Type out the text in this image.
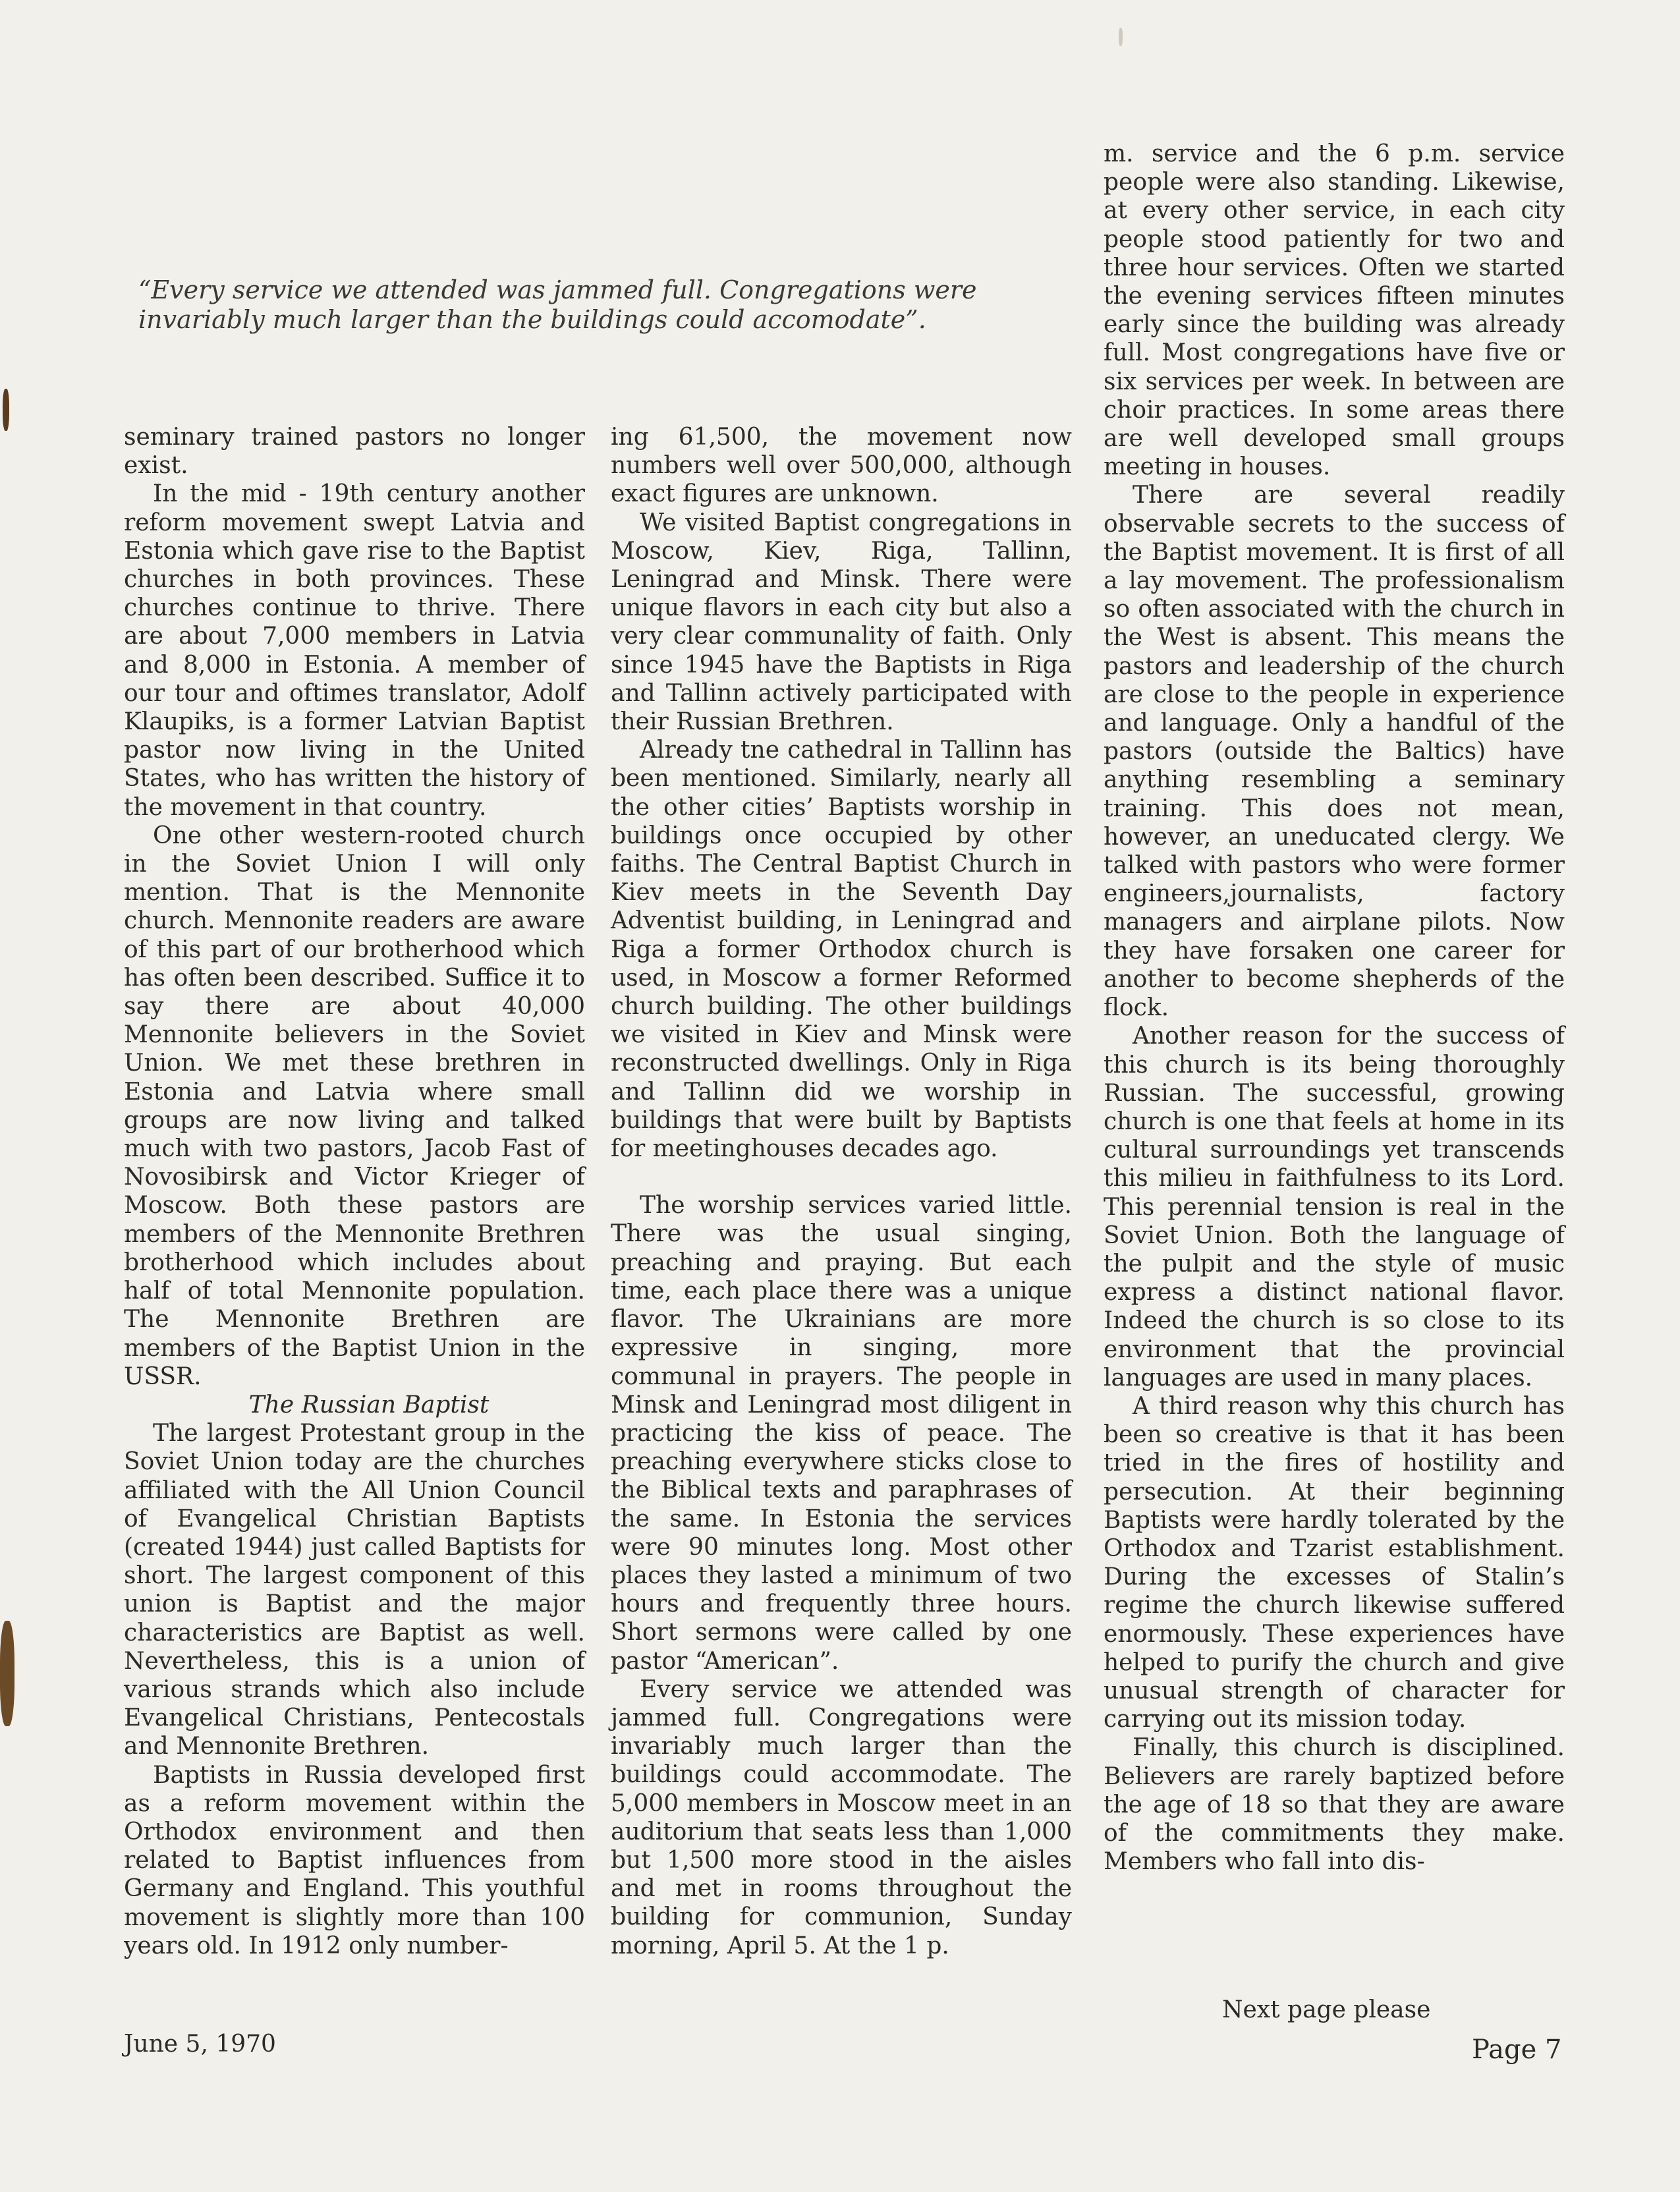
“Every service we attended was jammed full. Congregations were invariably much larger than the buildings could accomodate”.

seminary trained pastors no longer exist.

In the mid - 19th century another reform movement swept Latvia and Estonia which gave rise to the Baptist churches in both provinces. These churches continue to thrive. There are about 7,000 members in Latvia and 8,000 in Estonia. A member of our tour and oftimes translator, Adolf Klaupiks, is a former Latvian Baptist pastor now living in the United States, who has written the history of the movement in that country.

One other western-rooted church in the Soviet Union I will only mention. That is the Mennonite church. Mennonite readers are aware of this part of our brotherhood which has often been described. Suffice it to say there are about 40,000 Mennonite believers in the Soviet Union. We met these brethren in Estonia and Latvia where small groups are now living and talked much with two pastors, Jacob Fast of Novosibirsk and Victor Krieger of Moscow. Both these pastors are members of the Mennonite Brethren brotherhood which includes about half of total Mennonite population. The Mennonite Brethren are members of the Baptist Union in the USSR.

The Russian Baptist

The largest Protestant group in the Soviet Union today are the churches affiliated with the All Union Council of Evangelical Christian Baptists (created 1944) just called Baptists for short. The largest component of this union is Baptist and the major characteristics are Baptist as well. Nevertheless, this is a union of various strands which also include Evangelical Christians, Pentecostals and Mennonite Brethren.

Baptists in Russia developed first as a reform movement within the Orthodox environment and then related to Baptist influences from Germany and England. This youthful movement is slightly more than 100 years old. In 1912 only number-

ing 61,500, the movement now numbers well over 500,000, although exact figures are unknown.

We visited Baptist congregations in Moscow, Kiev, Riga, Tallinn, Leningrad and Minsk. There were unique flavors in each city but also a very clear communality of faith. Only since 1945 have the Baptists in Riga and Tallinn actively participated with their Russian Brethren.

Already tne cathedral in Tallinn has been mentioned. Similarly, nearly all the other cities’ Baptists worship in buildings once occupied by other faiths. The Central Baptist Church in Kiev meets in the Seventh Day Adventist building, in Leningrad and Riga a former Orthodox church is used, in Moscow a former Reformed church building. The other buildings we visited in Kiev and Minsk were reconstructed dwellings. Only in Riga and Tallinn did we worship in buildings that were built by Baptists for meetinghouses decades ago.

The worship services varied little. There was the usual singing, preaching and praying. But each time, each place there was a unique flavor. The Ukrainians are more expressive in singing, more communal in prayers. The people in Minsk and Leningrad most diligent in practicing the kiss of peace. The preaching everywhere sticks close to the Biblical texts and paraphrases of the same. In Estonia the services were 90 minutes long. Most other places they lasted a minimum of two hours and frequently three hours. Short sermons were called by one pastor “American”.

Every service we attended was jammed full. Congregations were invariably much larger than the buildings could accommodate. The 5,000 members in Moscow meet in an auditorium that seats less than 1,000 but 1,500 more stood in the aisles and met in rooms throughout the building for communion, Sunday morning, April 5. At the 1 p.

m. service and the 6 p.m. service people were also standing. Likewise, at every other service, in each city people stood patiently for two and three hour services. Often we started the evening services fifteen minutes early since the building was already full. Most congregations have five or six services per week. In between are choir practices. In some areas there are well developed small groups meeting in houses.

There are several readily observable secrets to the success of the Baptist movement. It is first of all a lay movement. The professionalism so often associated with the church in the West is absent. This means the pastors and leadership of the church are close to the people in experience and language. Only a handful of the pastors (outside the Baltics) have anything resembling a seminary training. This does not mean, however, an uneducated clergy. We talked with pastors who were former engineers,journalists, factory managers and airplane pilots. Now they have forsaken one career for another to become shepherds of the flock.

Another reason for the success of this church is its being thoroughly Russian. The successful, growing church is one that feels at home in its cultural surroundings yet transcends this milieu in faithfulness to its Lord. This perennial tension is real in the Soviet Union. Both the language of the pulpit and the style of music express a distinct national flavor. Indeed the church is so close to its environment that the provincial languages are used in many places.

A third reason why this church has been so creative is that it has been tried in the fires of hostility and persecution. At their beginning Baptists were hardly tolerated by the Orthodox and Tzarist establishment. During the excesses of Stalin’s regime the church likewise suffered enormously. These experiences have helped to purify the church and give unusual strength of character for carrying out its mission today.

Finally, this church is disciplined. Believers are rarely baptized before the age of 18 so that they are aware of the commitments they make. Members who fall into dis-

Next page please
June 5, 1970	Page 7
